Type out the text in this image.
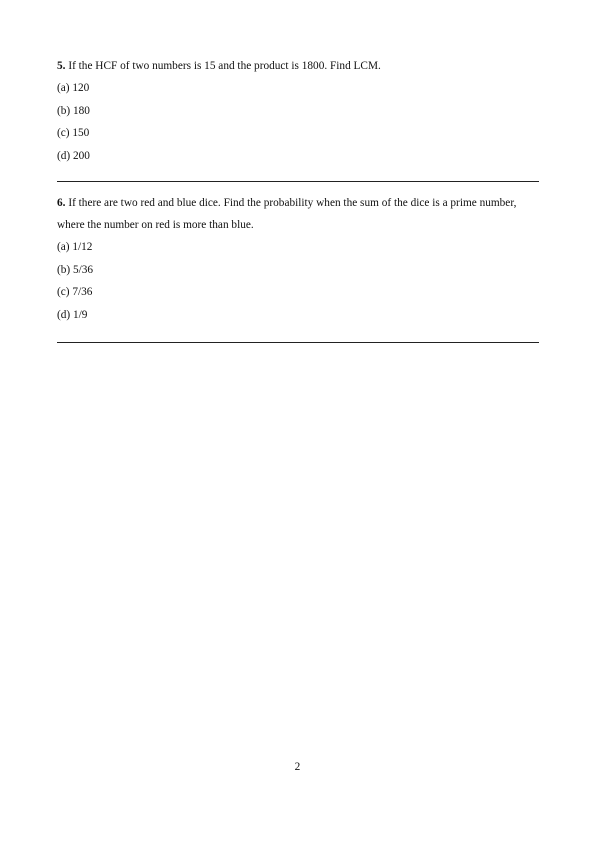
5. If the HCF of two numbers is 15 and the product is 1800. Find LCM.

(a) 120
(b) 180
(c) 150
(d) 200

6. If there are two red and blue dice. Find the probability when the sum of the dice is a prime number, where the number on red is more than blue.

(a) 1/12
(b) 5/36
(c) 7/36
(d) 1/9
2
